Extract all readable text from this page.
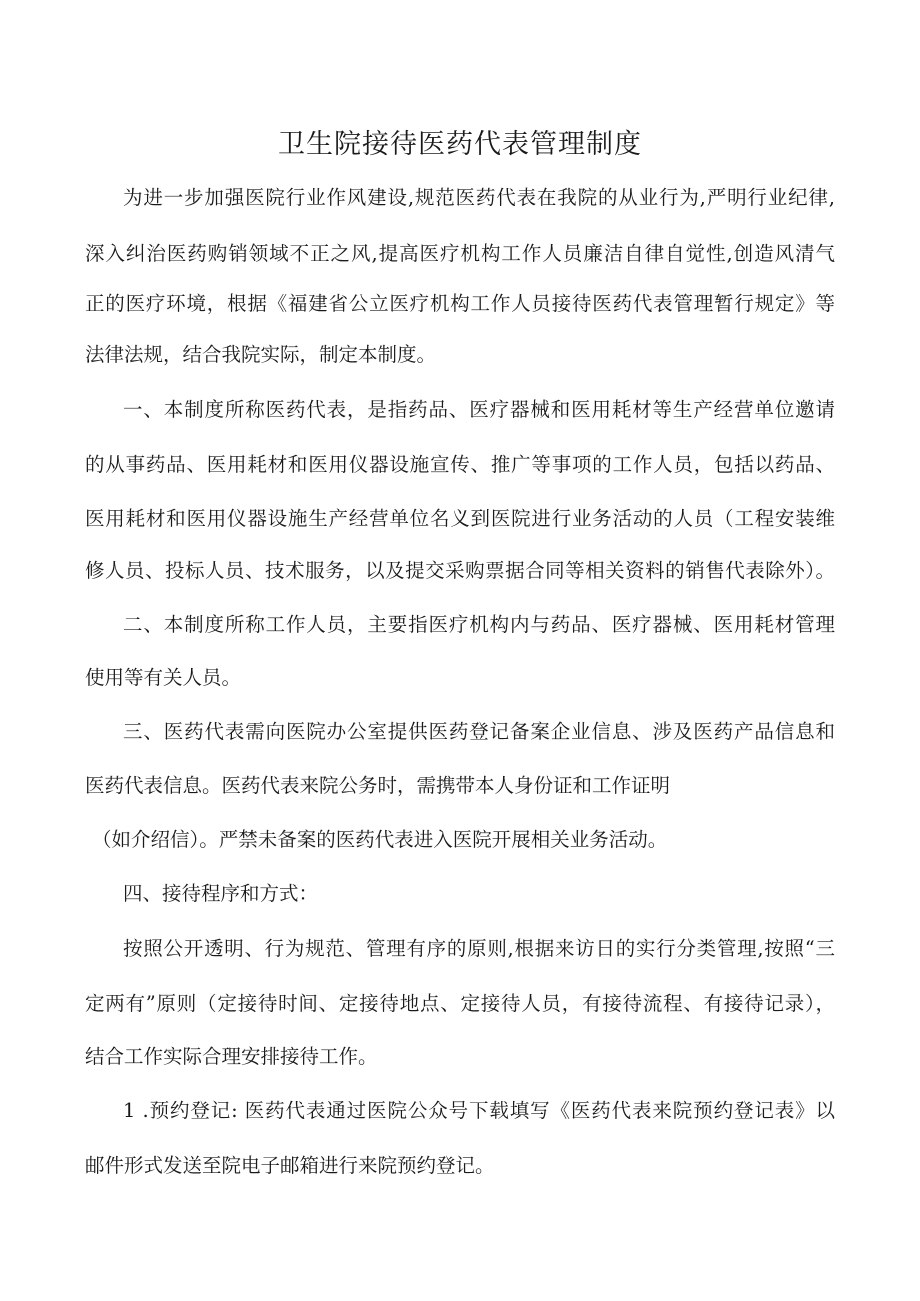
卫生院接待医药代表管理制度
为进一步加强医院行业作风建设,规范医药代表在我院的从业行为,严明行业纪律,
深入纠治医药购销领域不正之风,提高医疗机构工作人员廉洁自律自觉性,创造风清气
正的医疗环境，根据《福建省公立医疗机构工作人员接待医药代表管理暂行规定》等
法律法规，结合我院实际，制定本制度。
一、本制度所称医药代表，是指药品、医疗器械和医用耗材等生产经营单位邀请
的从事药品、医用耗材和医用仪器设施宣传、推广等事项的工作人员，包括以药品、
医用耗材和医用仪器设施生产经营单位名义到医院进行业务活动的人员（工程安装维
修人员、投标人员、技术服务，以及提交采购票据合同等相关资料的销售代表除外）。
二、本制度所称工作人员，主要指医疗机构内与药品、医疗器械、医用耗材管理
使用等有关人员。
三、医药代表需向医院办公室提供医药登记备案企业信息、涉及医药产品信息和
医药代表信息。医药代表来院公务时，需携带本人身份证和工作证明
（如介绍信）。严禁未备案的医药代表进入医院开展相关业务活动。
四、接待程序和方式：
按照公开透明、行为规范、管理有序的原则,根据来访日的实行分类管理,按照“三
定两有”原则（定接待时间、定接待地点、定接待人员，有接待流程、有接待记录），
结合工作实际合理安排接待工作。
1 .预约登记: 医药代表通过医院公众号下载填写《医药代表来院预约登记表》以
邮件形式发送至院电子邮箱进行来院预约登记。
